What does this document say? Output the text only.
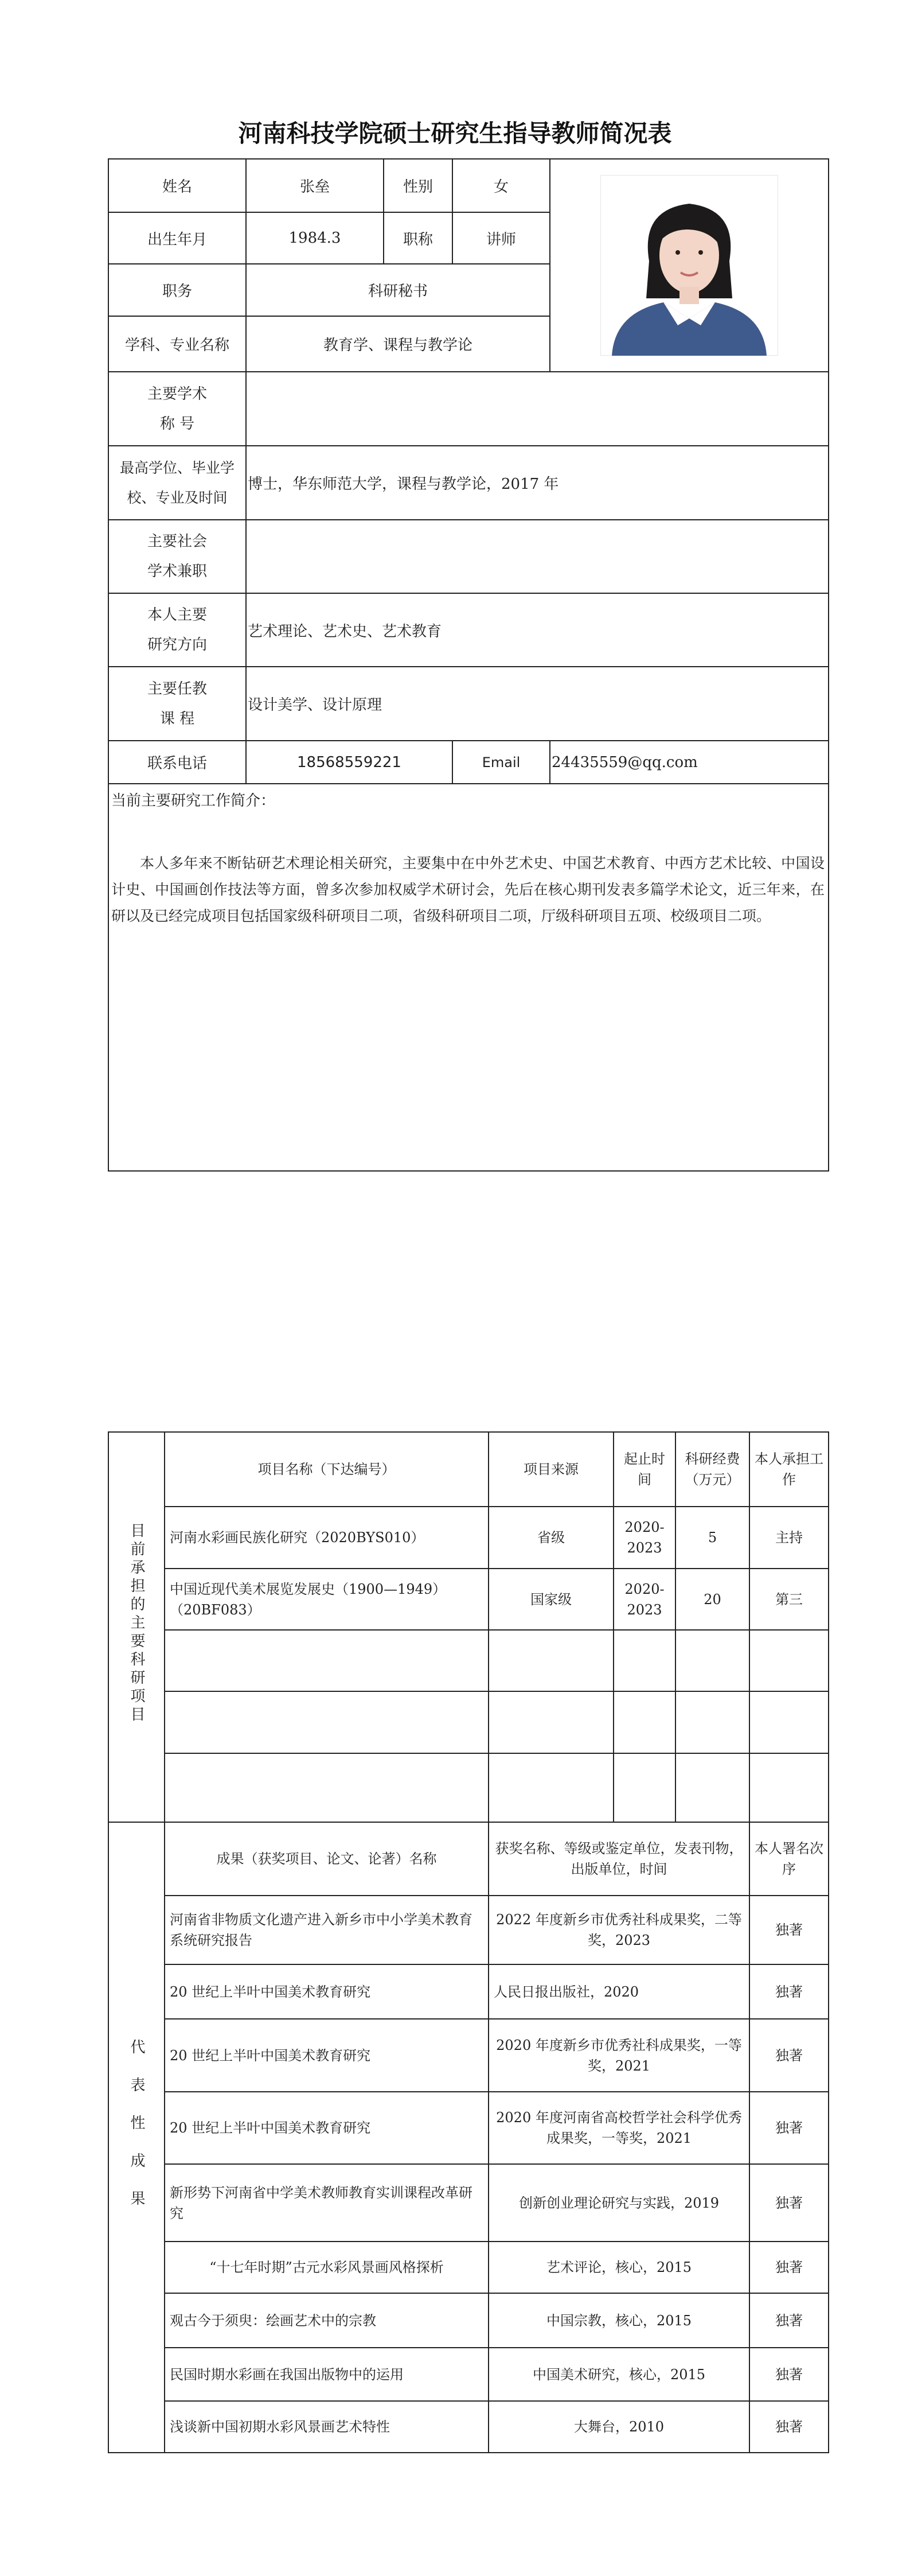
河南科技学院硕士研究生指导教师简况表
姓名	张垒	性别	女	

出生年月	1984.3	职称	讲师	
职务	科研秘书			
学科、专业名称	教育学、课程与教学论			
主要学术
称 号				
最高学位、毕业学
校、专业及时间	博士，华东师范大学，课程与教学论，2017 年			
主要社会
学术兼职				
本人主要
研究方向	艺术理论、艺术史、艺术教育			
主要任教
课 程	设计美学、设计原理			
联系电话	18568559221		Email	24435559@qq.com
当前主要研究工作简介：
本人多年来不断钻研艺术理论相关研究，主要集中在中外艺术史、中国艺术教育、中西方艺术比较、中国设计史、中国画创作技法等方面，曾多次参加权威学术研讨会，先后在核心期刊发表多篇学术论文，近三年来，在研以及已经完成项目包括国家级科研项目二项，省级科研项目二项，厅级科研项目五项、校级项目二项。				
目前承担的主要科研项目	项目名称（下达编号）	项目来源	起止时间	科研经费（万元）	本人承担工作
	河南水彩画民族化研究（2020BYS010）	省级	2020-2023	5	主持
	中国近现代美术展览发展史（1900—1949）（20BF083）	国家级	2020-2023	20	第三

代表性成果	成果（获奖项目、论文、论著）名称	获奖名称、等级或鉴定单位，发表刊物，出版单位，时间			本人署名次序
	河南省非物质文化遗产进入新乡市中小学美术教育系统研究报告	2022 年度新乡市优秀社科成果奖，二等奖，2023			独著
	20 世纪上半叶中国美术教育研究	人民日报出版社，2020			独著
	20 世纪上半叶中国美术教育研究	2020 年度新乡市优秀社科成果奖，一等奖，2021			独著
	20 世纪上半叶中国美术教育研究	2020 年度河南省高校哲学社会科学优秀成果奖，一等奖，2021			独著
	新形势下河南省中学美术教师教育实训课程改革研究	创新创业理论研究与实践，2019			独著
	“十七年时期”古元水彩风景画风格探析	艺术评论，核心，2015			独著
	观古今于须臾：绘画艺术中的宗教	中国宗教，核心，2015			独著
	民国时期水彩画在我国出版物中的运用	中国美术研究，核心，2015			独著
	浅谈新中国初期水彩风景画艺术特性	大舞台，2010			独著
